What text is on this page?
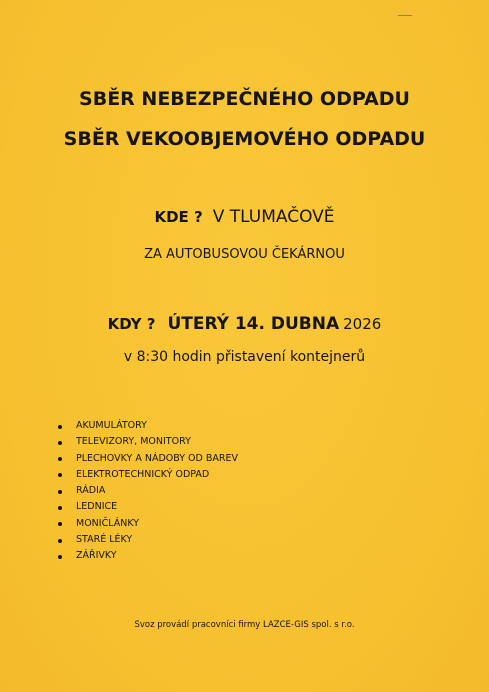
SBĚR NEBEZPEČNÉHO ODPADU
SBĚR VEKOOBJEMOVÉHO ODPADU
KDE ? V TLUMAČOVĚ
ZA AUTOBUSOVOU ČEKÁRNOU
KDY ? ÚTERÝ 14. DUBNA 2026
v 8:30 hodin přistavení kontejnerů
AKUMULÁTORY
TELEVIZORY, MONITORY
PLECHOVKY A NÁDOBY OD BAREV
ELEKTROTECHNICKÝ ODPAD
RÁDIA
LEDNICE
MONIČLÁNKY
STARÉ LÉKY
ZÁŘIVKY
Svoz provádí pracovníci firmy LAZCE-GIS spol. s r.o.
